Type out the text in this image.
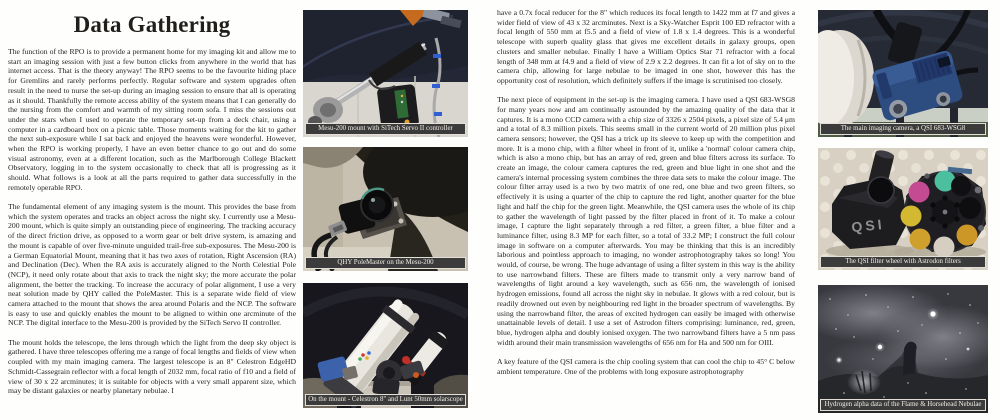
Data Gathering

The function of the RPO is to provide a permanent home for my imaging kit and allow me to start an imaging session with just a few button clicks from anywhere in the world that has internet access. That is the theory anyway! The RPO seems to be the favourite hiding place for Gremlins and rarely performs perfectly. Regular software and system upgrades often result in the need to nurse the set-up during an imaging session to ensure that all is operating as it should. Thankfully the remote access ability of the system means that I can generally do the nursing from the comfort and warmth of my sitting room sofa. I miss the sessions out under the stars when I used to operate the temporary set-up from a deck chair, using a computer in a cardboard box on a picnic table. Those moments waiting for the kit to gather the next sub-exposure while I sat back and enjoyed the heavens were wonderful. However, when the RPO is working properly, I have an even better chance to go out and do some visual astronomy, even at a different location, such as the Marlborough College Blackett Observatory, logging in to the system occasionally to check that all is progressing as it should. What follows is a look at all the parts required to gather data successfully in the remotely operable RPO.

The fundamental element of any imaging system is the mount. This provides the base from which the system operates and tracks an object across the night sky. I currently use a Mesu-200 mount, which is quite simply an outstanding piece of engineering. The tracking accuracy of the direct friction drive, as opposed to a worm gear or belt drive system, is amazing and the mount is capable of over five-minute unguided trail-free sub-exposures. The Mesu-200 is a German Equatorial Mount, meaning that it has two axes of rotation, Right Ascension (RA) and Declination (Dec). When the RA axis is accurately aligned to the North Celestial Pole (NCP), it need only rotate about that axis to track the night sky; the more accurate the polar alignment, the better the tracking. To increase the accuracy of polar alignment, I use a very neat solution made by QHY called the PoleMaster. This is a separate wide field of view camera attached to the mount that shows the area around Polaris and the NCP. The software is easy to use and quickly enables the mount to be aligned to within one arcminute of the NCP. The digital interface to the Mesu-200 is provided by the SiTech Servo II controller.

The mount holds the telescope, the lens through which the light from the deep sky object is gathered. I have three telescopes offering me a range of focal lengths and fields of view when coupled with my main imaging camera. The largest telescope is an 8" Celestron EdgeHD Schmidt-Cassegrain reflector with a focal length of 2032 mm, focal ratio of f10 and a field of view of 30 x 22 arcminutes; it is suitable for objects with a very small apparent size, which may be distant galaxies or nearby planetary nebulae. I

have a 0.7x focal reducer for the 8" which reduces its focal length to 1422 mm at f7 and gives a wider field of view of 43 x 32 arcminutes. Next is a Sky-Watcher Esprit 100 ED refractor with a focal length of 550 mm at f5.5 and a field of view of 1.8 x 1.4 degrees. This is a wonderful telescope with superb quality glass that gives me excellent details in galaxy groups, open clusters and smaller nebulae. Finally I have a William Optics Star 71 refractor with a focal length of 348 mm at f4.9 and a field of view of 2.9 x 2.2 degrees. It can fit a lot of sky on to the camera chip, allowing for large nebulae to be imaged in one shot, however this has the opportunity cost of resolution, which definitely suffers if the image is scrutinised too closely.

The next piece of equipment in the set-up is the imaging camera. I have used a QSI 683-WSG8 for many years now and am continually astounded by the amazing quality of the data that it captures. It is a mono CCD camera with a chip size of 3326 x 2504 pixels, a pixel size of 5.4 μm and a total of 8.3 million pixels. This seems small in the current world of 20 million plus pixel camera sensors; however, the QSI has a trick up its sleeve to keep up with the competition and more. It is a mono chip, with a filter wheel in front of it, unlike a 'normal' colour camera chip, which is also a mono chip, but has an array of red, green and blue filters across its surface. To create an image, the colour camera captures the red, green and blue light in one shot and the camera's internal processing system combines the three data sets to make the colour image. The colour filter array used is a two by two matrix of one red, one blue and two green filters, so effectively it is using a quarter of the chip to capture the red light, another quarter for the blue light and half the chip for the green light. Meanwhile, the QSI camera uses the whole of its chip to gather the wavelength of light passed by the filter placed in front of it. To make a colour image, I capture the light separately through a red filter, a green filter, a blue filter and a luminance filter, using 8.3 MP for each filter, so a total of 33.2 MP; I construct the full colour image in software on a computer afterwards. You may be thinking that this is an incredibly laborious and pointless approach to imaging, no wonder astrophotography takes so long! You would, of course, be wrong. The huge advantage of using a filter system in this way is the ability to use narrowband filters. These are filters made to transmit only a very narrow band of wavelengths of light around a key wavelength, such as 656 nm, the wavelength of ionised hydrogen emissions, found all across the night sky in nebulae. It glows with a red colour, but is readily drowned out even by neighbouring red light in the broader spectrum of wavelengths. By using the narrowband filter, the areas of excited hydrogen can easily be imaged with otherwise unattainable levels of detail. I use a set of Astrodon filters comprising: luminance, red, green, blue, hydrogen alpha and doubly ionised oxygen. The two narrowband filters have a 5 nm pass width around their main transmission wavelengths of 656 nm for Ha and 500 nm for OIII.

A key feature of the QSI camera is the chip cooling system that can cool the chip to 45° C below ambient temperature. One of the problems with long exposure astrophotography

Mesu-200 mount with SiTech Servo II controller
QHY PoleMaster on the Mesu-200
On the mount - Celestron 8" and Lunt 50mm solarscope
The main imaging camera, a QSI 683-WSG8
QSI
The QSI filter wheel with Astrodon filters
Hydrogen alpha data of the Flame & Horsehead Nebulae
